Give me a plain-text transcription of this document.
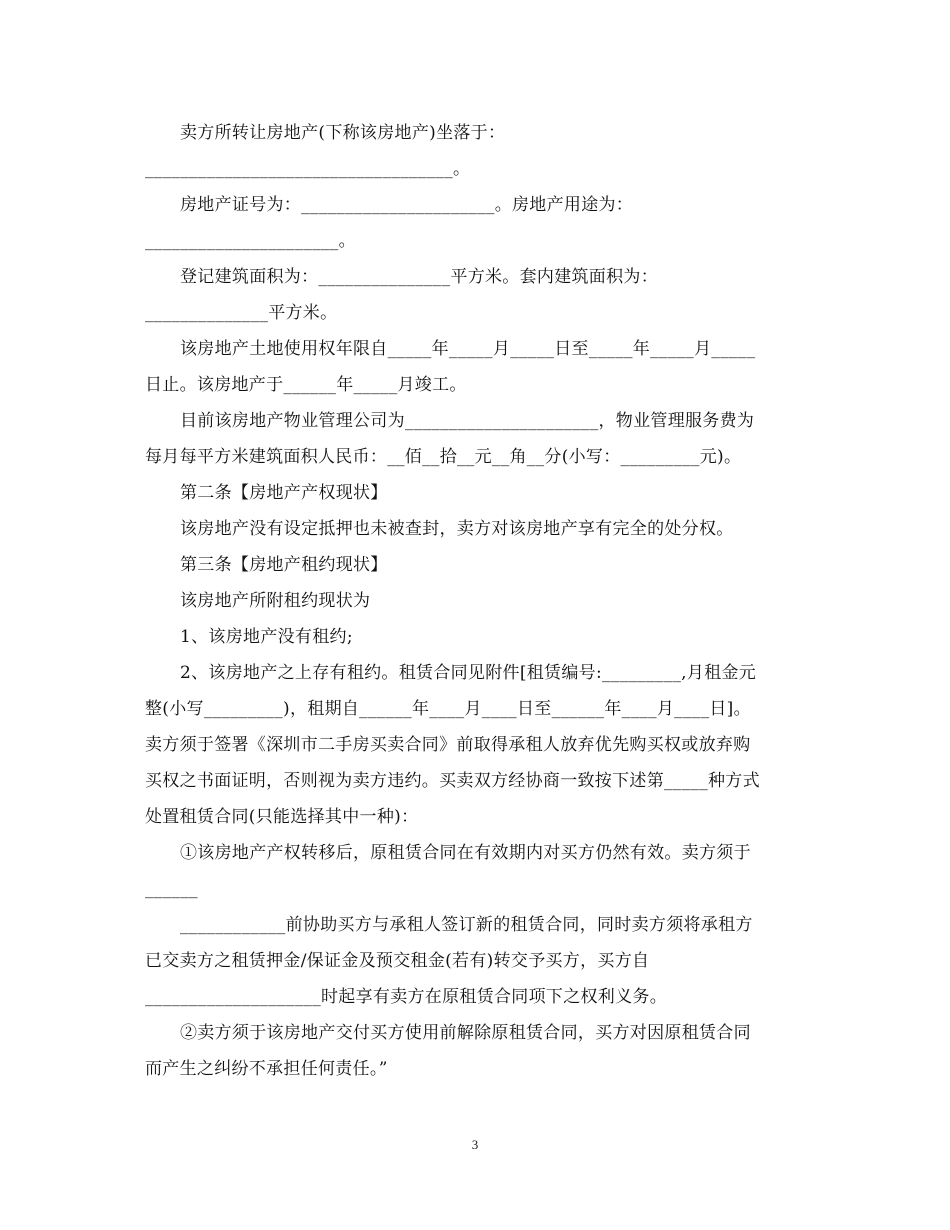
卖方所转让房地产(下称该房地产)坐落于：
___________________________________。
房地产证号为：______________________。房地产用途为：
______________________。
登记建筑面积为：_______________平方米。套内建筑面积为：
______________平方米。
该房地产土地使用权年限自_____年_____月_____日至_____年_____月_____
日止。该房地产于______年_____月竣工。
目前该房地产物业管理公司为______________________，物业管理服务费为
每月每平方米建筑面积人民币：__佰__拾__元__角__分(小写：_________元)。
第二条【房地产产权现状】
该房地产没有设定抵押也未被查封，卖方对该房地产享有完全的处分权。
第三条【房地产租约现状】
该房地产所附租约现状为
1、该房地产没有租约;
2、该房地产之上存有租约。租赁合同见附件[租赁编号:_________,月租金元
整(小写_________)，租期自______年____月____日至______年____月____日]。
卖方须于签署《深圳市二手房买卖合同》前取得承租人放弃优先购买权或放弃购
买权之书面证明，否则视为卖方违约。买卖双方经协商一致按下述第_____种方式
处置租赁合同(只能选择其中一种)：
①该房地产产权转移后，原租赁合同在有效期内对买方仍然有效。卖方须于
______
____________前协助买方与承租人签订新的租赁合同，同时卖方须将承租方
已交卖方之租赁押金/保证金及预交租金(若有)转交予买方，买方自
____________________时起享有卖方在原租赁合同项下之权利义务。
②卖方须于该房地产交付买方使用前解除原租赁合同，买方对因原租赁合同
而产生之纠纷不承担任何责任。”
3
